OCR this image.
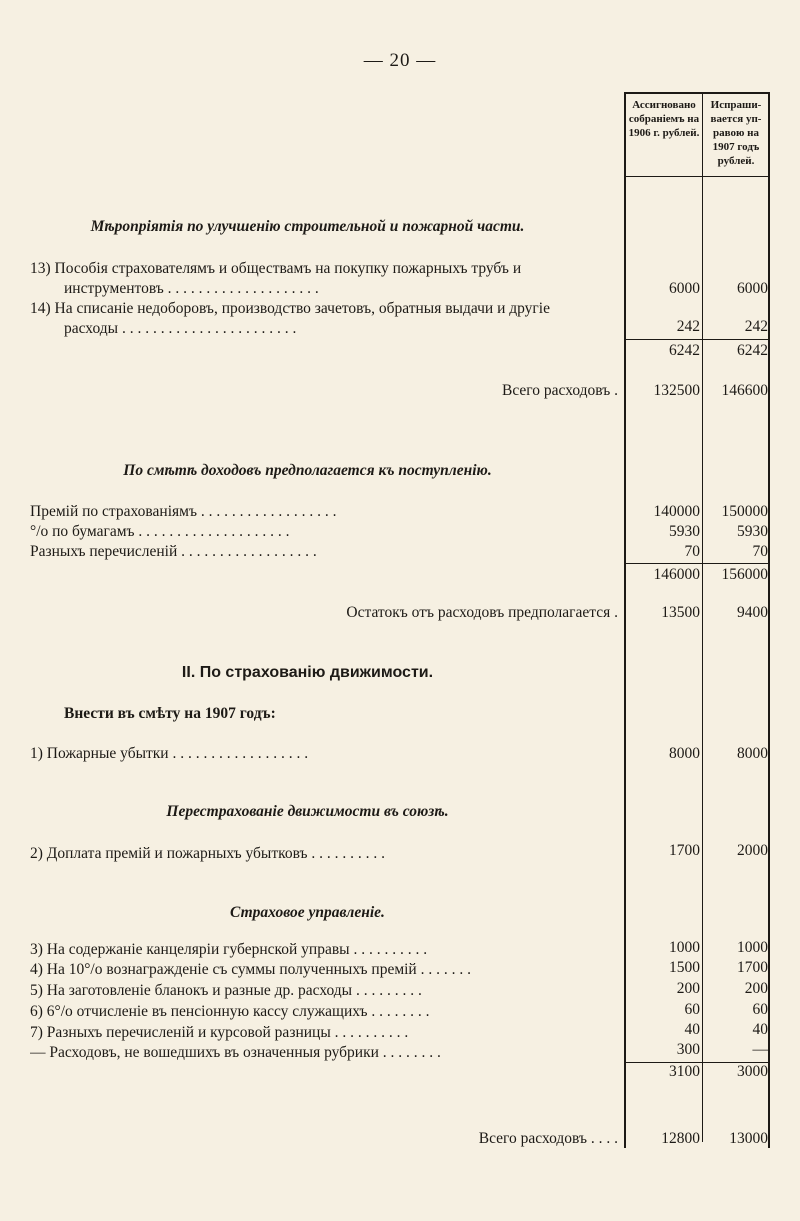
— 20 —
Ассигновано собраніемъ на 1906 г. рублей.
Испраши- вается уп- равою на 1907 годъ рублей.
Мѣропріятія по улучшенію строительной и пожарной части.
13) Пособія страхователямъ и обществамъ на покупку пожарныхъ трубъ и
инструментовъ . . . . . . . . . . . . . . . . . . . .	6000	6000
14) На списаніе недоборовъ, производство зачетовъ, обратныя выдачи и другіе
расходы . . . . . . . . . . . . . . . . . . . . . . .	242	242
6242	6242
Всего расходовъ .	132500	146600
По смѣтѣ доходовъ предполагается къ поступленію.
Премій по страхованіямъ . . . . . . . . . . . . . . . . . .	140000	150000
°/o по бумагамъ . . . . . . . . . . . . . . . . . . . .	5930	5930
Разныхъ перечисленій . . . . . . . . . . . . . . . . . .	70	70
146000	156000
Остатокъ отъ расходовъ предполагается .	13500	9400
II. По страхованію движимости.
Внести въ смѣту на 1907 годъ:
1) Пожарные убытки . . . . . . . . . . . . . . . . . .	8000	8000
Перестрахованіе движимости въ союзѣ.
2) Доплата премій и пожарныхъ убытковъ . . . . . . . . . .	1700	2000
Страховое управленіе.
3) На содержаніе канцеляріи губернской управы . . . . . . . . . .	1000	1000
4) На 10°/o вознагражденіе съ суммы полученныхъ премій . . . . . . .	1500	1700
5) На заготовленіе бланокъ и разные др. расходы . . . . . . . . .	200	200
6) 6°/o отчисленіе въ пенсіонную кассу служащихъ . . . . . . . .	60	60
7) Разныхъ перечисленій и курсовой разницы . . . . . . . . . .	40	40
— Расходовъ, не вошедшихъ въ означенныя рубрики . . . . . . . .	300	—
3100	3000
Всего расходовъ . . . .	12800	13000
